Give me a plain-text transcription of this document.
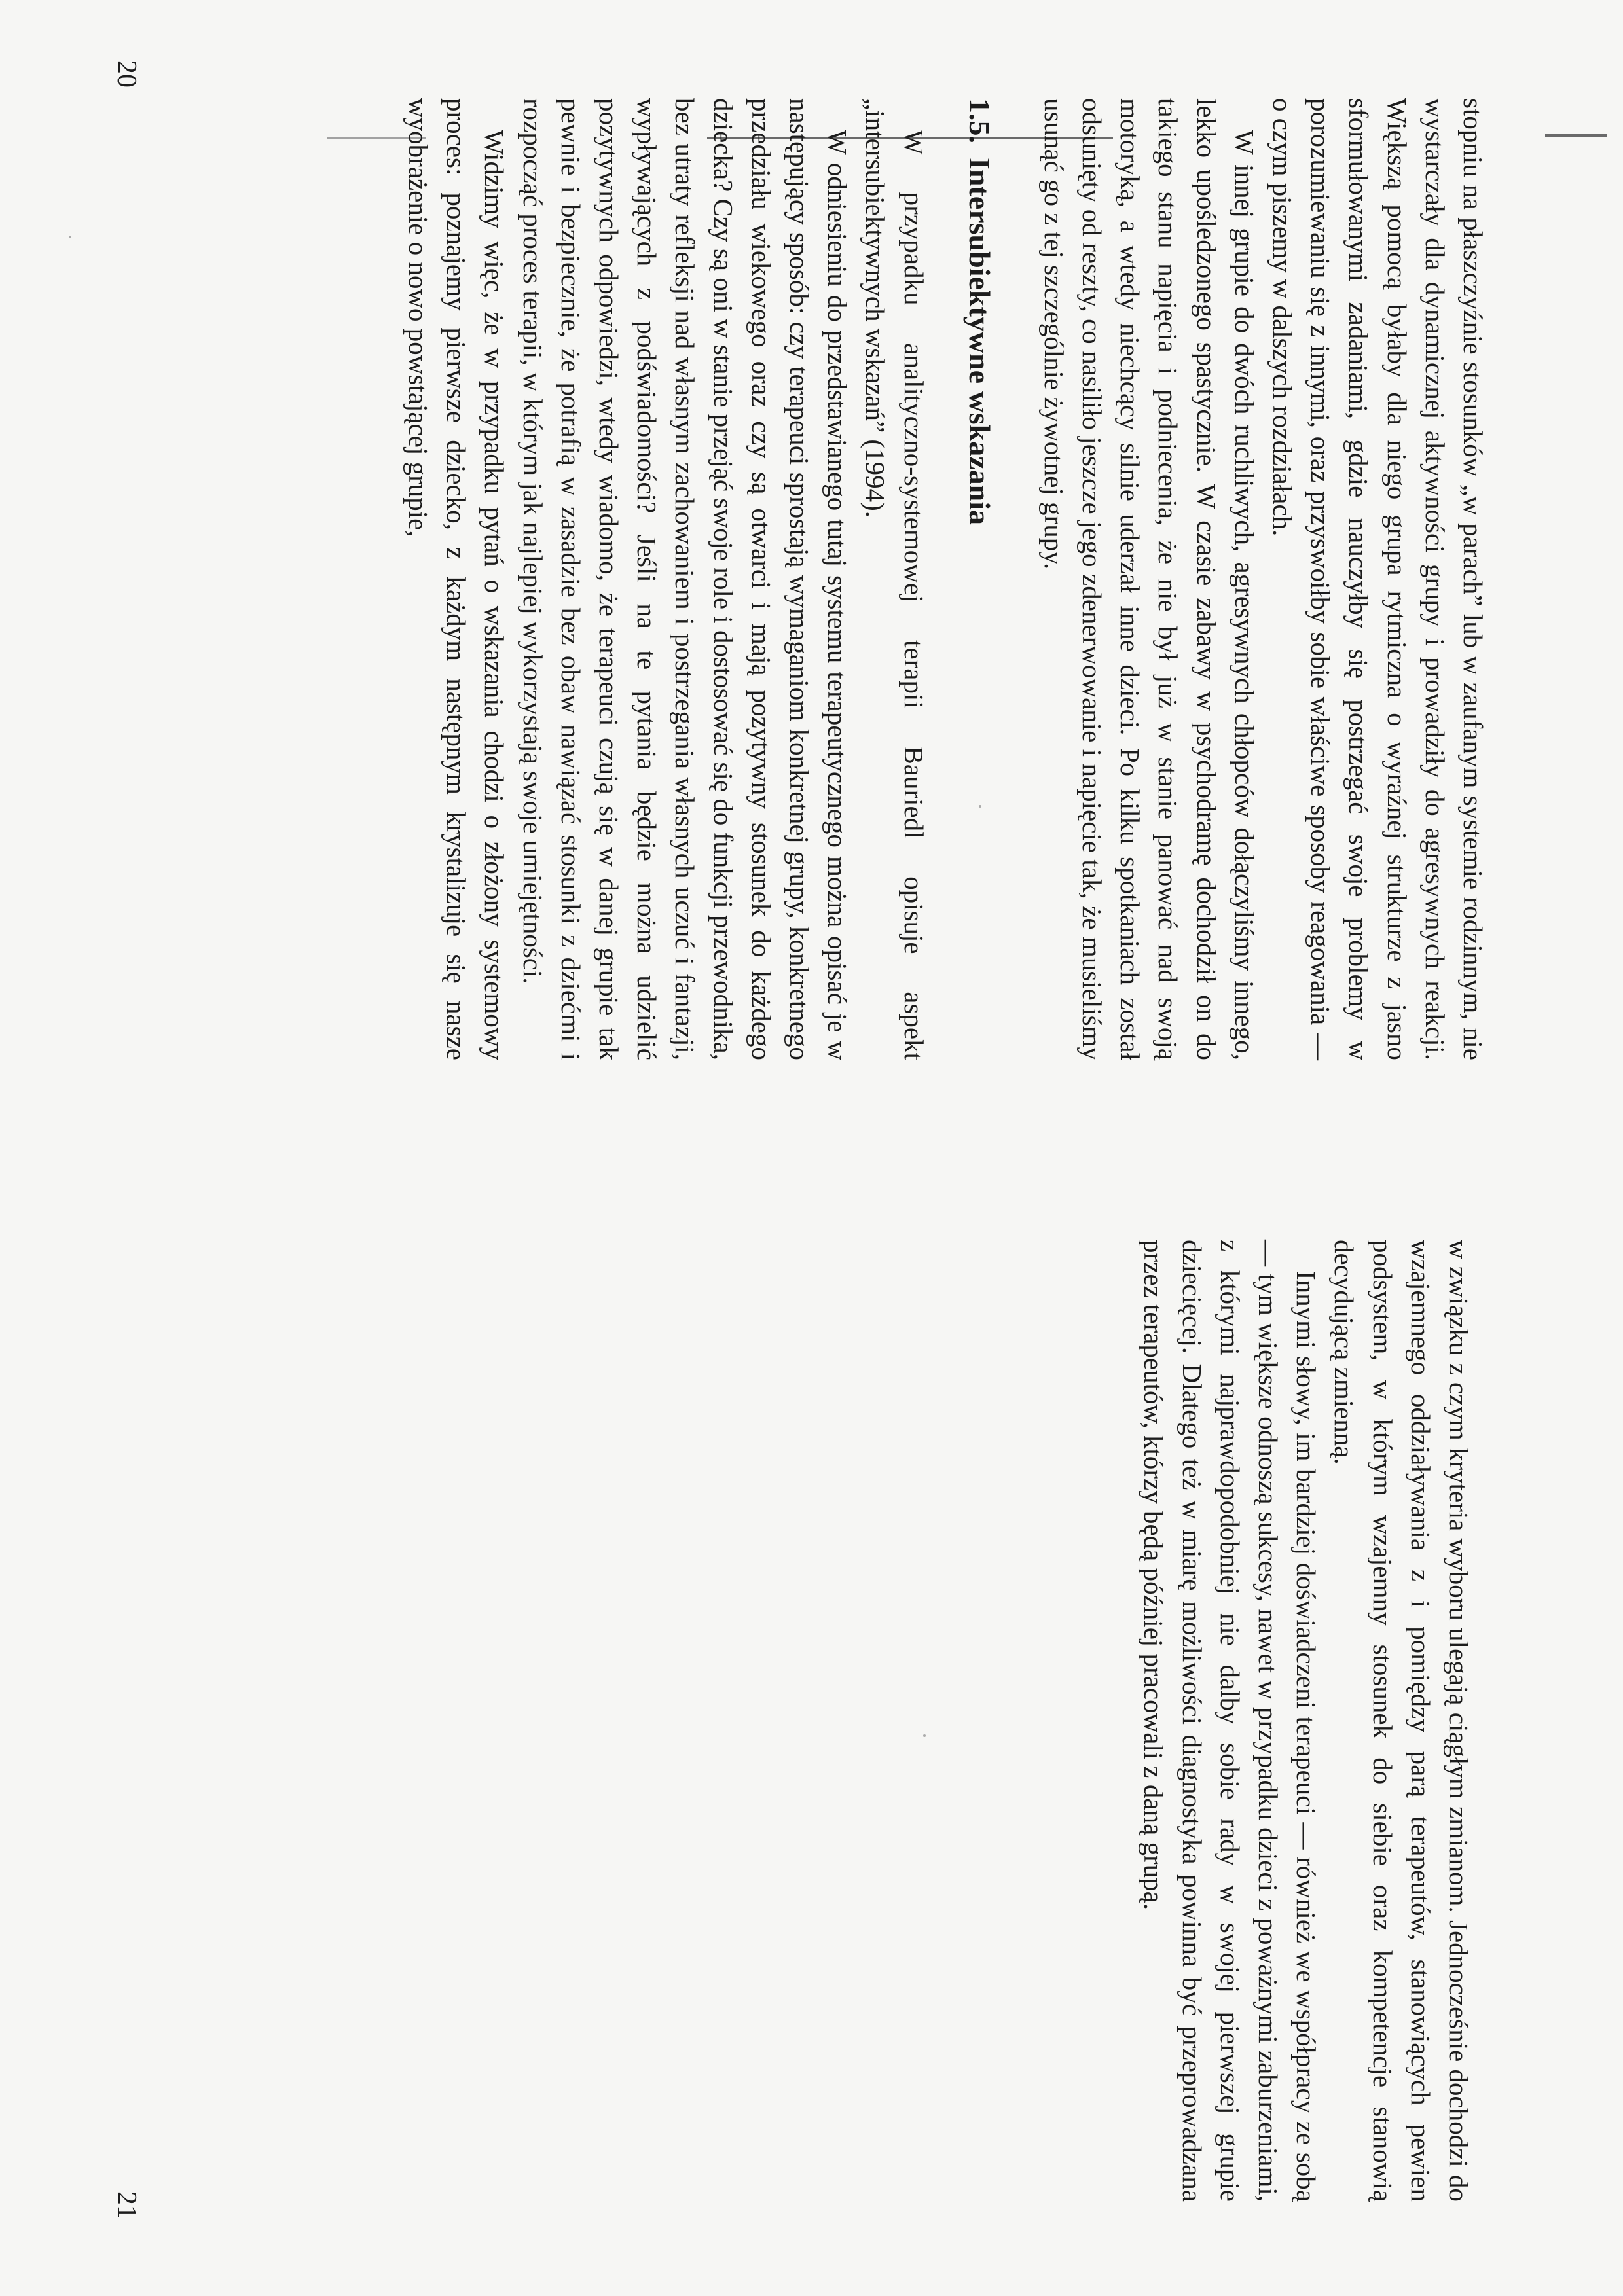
stopniu na płaszczyźnie stosunków „w parach” lub w zaufanym systemie rodzinnym, nie wystarczały dla dynamicznej aktywności grupy i prowadziły do agresywnych reakcji. Większą pomocą byłaby dla niego grupa rytmiczna o wyraźnej strukturze z jasno sformułowanymi zadaniami, gdzie nauczyłby się postrzegać swoje problemy w porozumiewaniu się z innymi, oraz przyswoiłby sobie właściwe sposoby reagowania — o czym piszemy w dalszych rozdziałach.

W innej grupie do dwóch ruchliwych, agresywnych chłopców dołączyliśmy innego, lekko upośledzonego spastycznie. W czasie zabawy w psychodramę dochodził on do takiego stanu napięcia i podniecenia, że nie był już w stanie panować nad swoją motoryką, a wtedy niechcący silnie uderzał inne dzieci. Po kilku spotkaniach został odsunięty od reszty, co nasiliło jeszcze jego zdenerwowanie i napięcie tak, że musieliśmy usunąć go z tej szczególnie żywotnej grupy.

1.5.Intersubiektywne wskazania

W przypadku analityczno-systemowej terapii Bauriedl opisuje aspekt „intersubiektywnych wskazań” (1994).

W odniesieniu do przedstawianego tutaj systemu terapeutycznego można opisać je w następujący sposób: czy terapeuci sprostają wymaganiom konkretnej grupy, konkretnego przedziału wiekowego oraz czy są otwarci i mają pozytywny stosunek do każdego dziecka? Czy są oni w stanie przejąć swoje role i dostosować się do funkcji przewodnika, bez utraty refleksji nad własnym zachowaniem i postrzegania własnych uczuć i fantazji, wypływających z podświadomości? Jeśli na te pytania będzie można udzielić pozytywnych odpowiedzi, wtedy wiadomo, że terapeuci czują się w danej grupie tak pewnie i bezpiecznie, że potrafią w zasadzie bez obaw nawiązać stosunki z dziećmi i rozpocząć proces terapii, w którym jak najlepiej wykorzystają swoje umiejętności.

Widzimy więc, że w przypadku pytań o wskazania chodzi o złożony systemowy proces: poznajemy pierwsze dziecko, z każdym następnym krystalizuje się nasze wyobrażenie o nowo powstającej grupie,

20

w związku z czym kryteria wyboru ulegają ciągłym zmianom. Jednocześnie dochodzi do wzajemnego oddziaływania z i pomiędzy parą terapeutów, stanowiących pewien podsystem, w którym wzajemny stosunek do siebie oraz kompetencje stanowią decydującą zmienną.

Innymi słowy, im bardziej doświadczeni terapeuci — również we współpracy ze sobą — tym większe odnoszą sukcesy, nawet w przypadku dzieci z poważnymi zaburzeniami, z którymi najprawdopodobniej nie dalby sobie rady w swojej pierwszej grupie dziecięcej. Dlatego też w miarę możliwości diagnostyka powinna być przeprowadzana przez terapeutów, którzy będą później pracowali z daną grupą.

21
